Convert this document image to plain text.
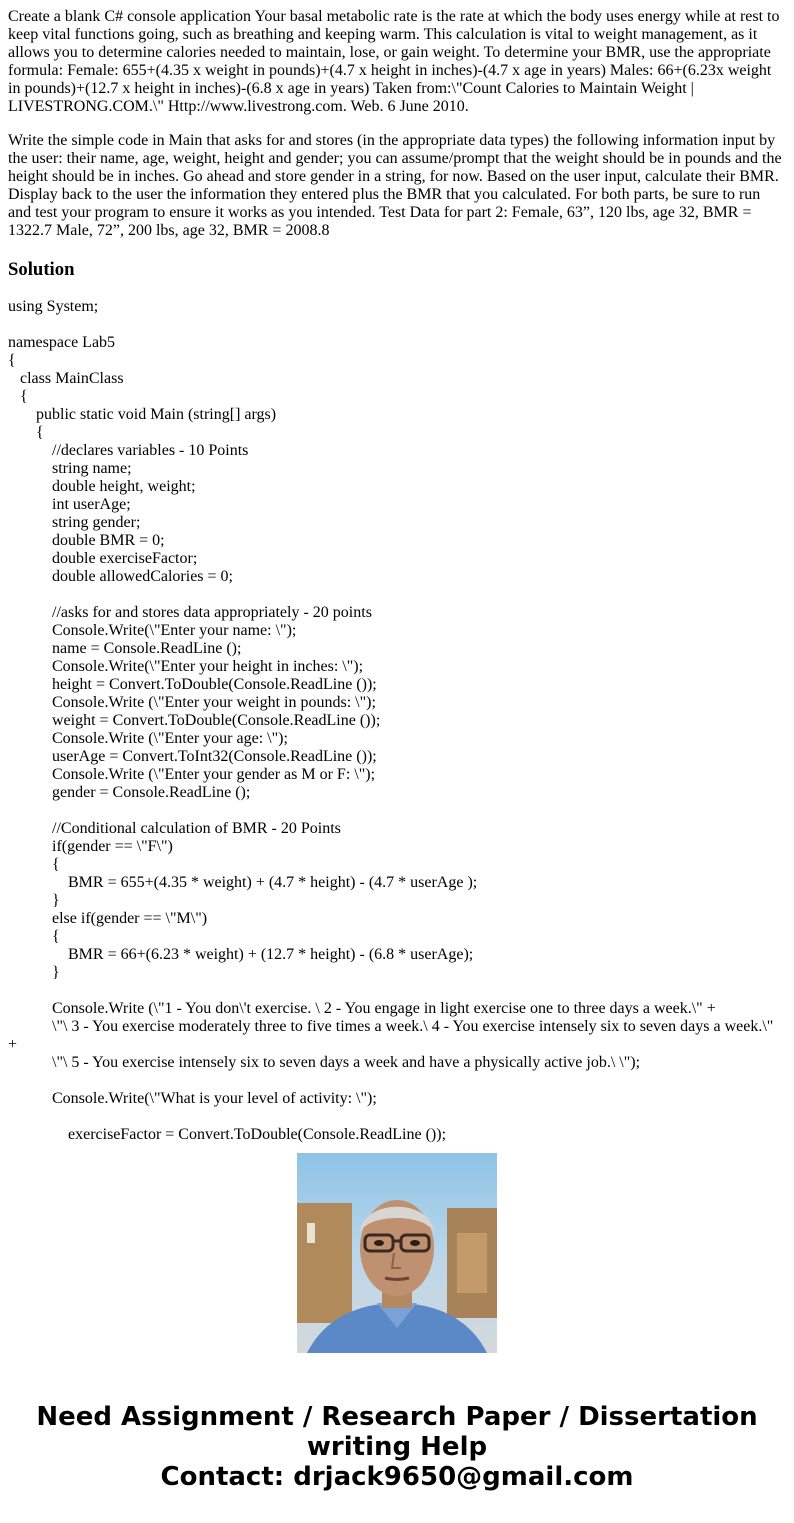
Create a blank C# console application Your basal metabolic rate is the rate at which the body uses energy while at rest to keep vital functions going, such as breathing and keeping warm. This calculation is vital to weight management, as it allows you to determine calories needed to maintain, lose, or gain weight. To determine your BMR, use the appropriate formula: Female: 655+(4.35 x weight in pounds)+(4.7 x height in inches)-(4.7 x age in years) Males: 66+(6.23x weight in pounds)+(12.7 x height in inches)-(6.8 x age in years) Taken from:\"Count Calories to Maintain Weight | LIVESTRONG.COM.\" Http://www.livestrong.com. Web. 6 June 2010.

Write the simple code in Main that asks for and stores (in the appropriate data types) the following information input by the user: their name, age, weight, height and gender; you can assume/prompt that the weight should be in pounds and the height should be in inches. Go ahead and store gender in a string, for now. Based on the user input, calculate their BMR. Display back to the user the information they entered plus the BMR that you calculated. For both parts, be sure to run and test your program to ensure it works as you intended. Test Data for part 2: Female, 63”, 120 lbs, age 32, BMR = 1322.7 Male, 72”, 200 lbs, age 32, BMR = 2008.8

Solution
using System;
namespace Lab5
{
class MainClass
{
public static void Main (string[] args)
{
//declares variables - 10 Points
string name;
double height, weight;
int userAge;
string gender;
double BMR = 0;
double exerciseFactor;
double allowedCalories = 0;
//asks for and stores data appropriately - 20 points
Console.Write(\"Enter your name: \");
name = Console.ReadLine ();
Console.Write(\"Enter your height in inches: \");
height = Convert.ToDouble(Console.ReadLine ());
Console.Write (\"Enter your weight in pounds: \");
weight = Convert.ToDouble(Console.ReadLine ());
Console.Write (\"Enter your age: \");
userAge = Convert.ToInt32(Console.ReadLine ());
Console.Write (\"Enter your gender as M or F: \");
gender = Console.ReadLine ();
//Conditional calculation of BMR - 20 Points
if(gender == \"F\")
{
BMR = 655+(4.35 * weight) + (4.7 * height) - (4.7 * userAge );
}
else if(gender == \"M\")
{
BMR = 66+(6.23 * weight) + (12.7 * height) - (6.8 * userAge);
}
Console.Write (\"1 - You don\'t exercise. \ 2 - You engage in light exercise one to three days a week.\" +
\"\ 3 - You exercise moderately three to five times a week.\ 4 - You exercise intensely six to seven days a week.\"
+
\"\ 5 - You exercise intensely six to seven days a week and have a physically active job.\ \");
Console.Write(\"What is your level of activity: \");
exerciseFactor = Convert.ToDouble(Console.ReadLine ());
Need Assignment / Research Paper / Dissertation
writing Help
Contact: drjack9650@gmail.com
